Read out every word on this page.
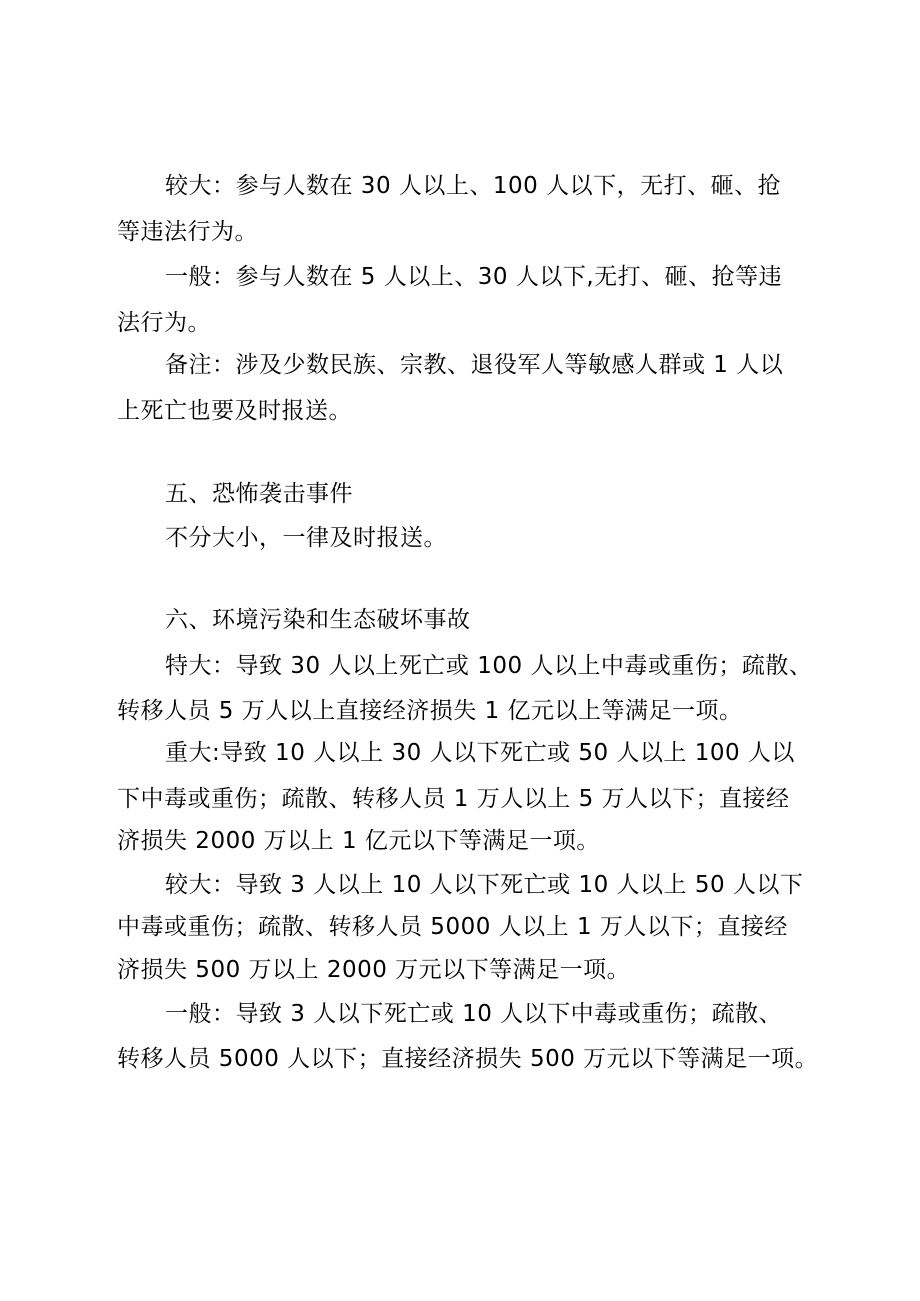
较大：参与人数在 30 人以上、100 人以下，无打、砸、抢
等违法行为。
一般：参与人数在 5 人以上、30 人以下,无打、砸、抢等违
法行为。
备注：涉及少数民族、宗教、退役军人等敏感人群或 1 人以
上死亡也要及时报送。
五、恐怖袭击事件
不分大小，一律及时报送。
六、环境污染和生态破坏事故
特大：导致 30 人以上死亡或 100 人以上中毒或重伤；疏散、
转移人员 5 万人以上直接经济损失 1 亿元以上等满足一项。
重大:导致 10 人以上 30 人以下死亡或 50 人以上 100 人以
下中毒或重伤；疏散、转移人员 1 万人以上 5 万人以下；直接经
济损失 2000 万以上 1 亿元以下等满足一项。
较大：导致 3 人以上 10 人以下死亡或 10 人以上 50 人以下
中毒或重伤；疏散、转移人员 5000 人以上 1 万人以下；直接经
济损失 500 万以上 2000 万元以下等满足一项。
一般：导致 3 人以下死亡或 10 人以下中毒或重伤；疏散、
转移人员 5000 人以下；直接经济损失 500 万元以下等满足一项。
